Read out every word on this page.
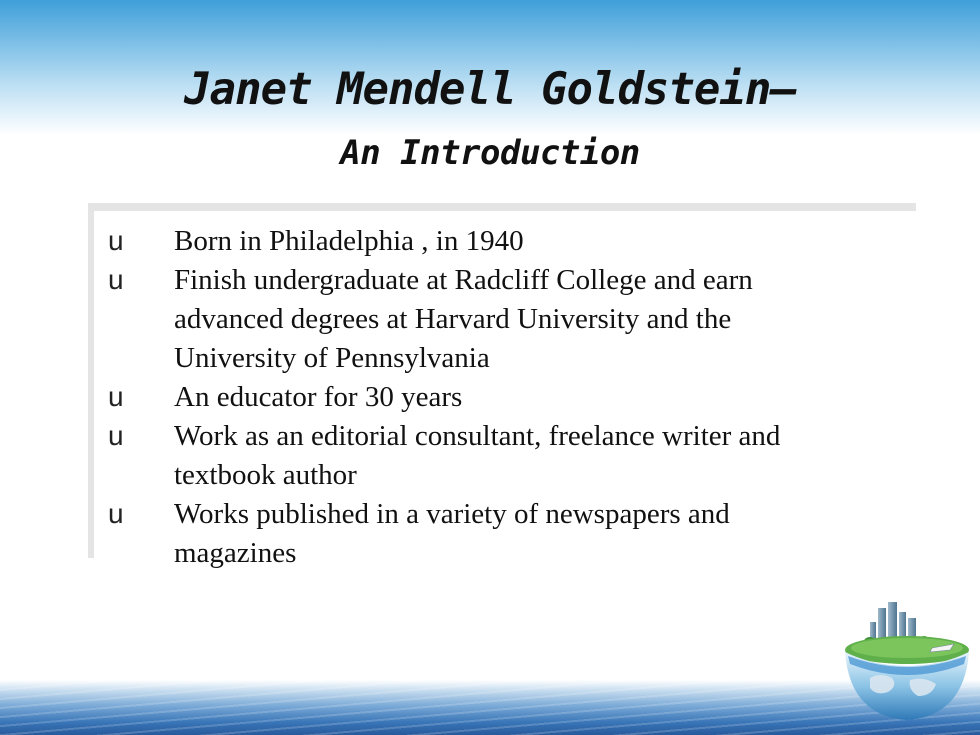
Janet Mendell Goldstein—
An Introduction
u	Born in Philadelphia , in 1940
u	Finish undergraduate at Radcliff College and earn
advanced degrees at Harvard University and the
University of Pennsylvania
u	An educator for 30 years
u	Work as an editorial consultant, freelance writer and
textbook author
u	Works published in a variety of newspapers and
magazines
